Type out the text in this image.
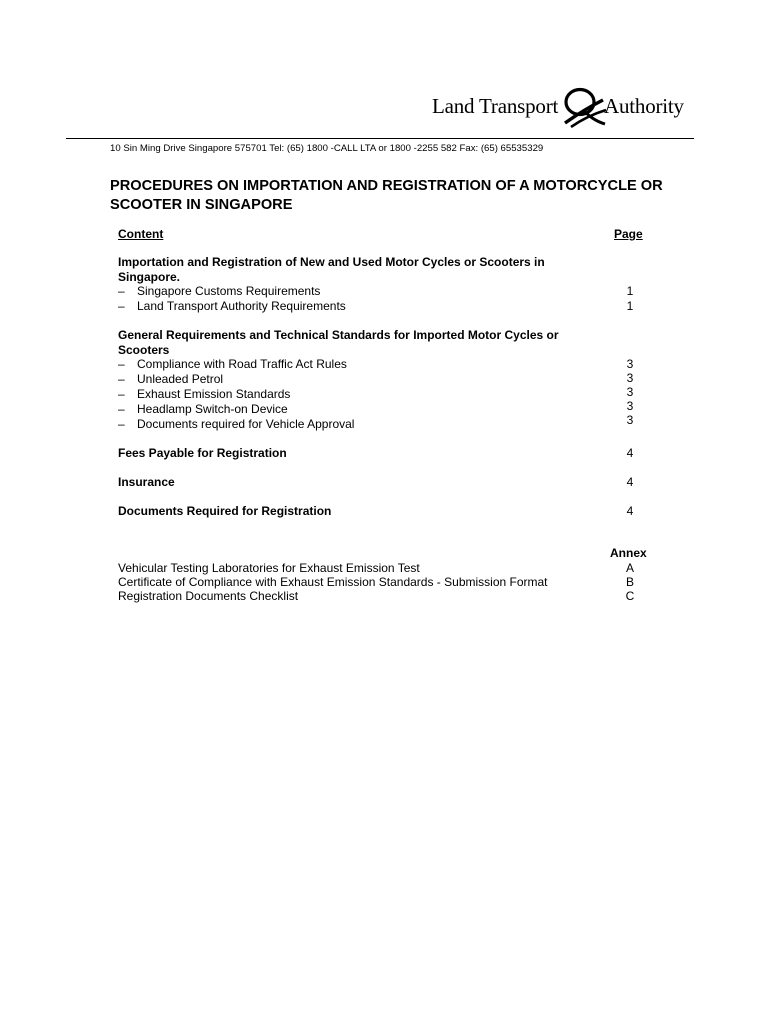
Land Transport Authority
10 Sin Ming Drive Singapore 575701 Tel: (65) 1800 -CALL LTA or 1800 -2255 582 Fax: (65) 65535329
PROCEDURES ON IMPORTATION AND REGISTRATION OF A MOTORCYCLE OR SCOOTER IN SINGAPORE
Content	Page
Importation and Registration of New and Used Motor Cycles or Scooters in Singapore.
– Singapore Customs Requirements	1
– Land Transport Authority Requirements	1
General Requirements and Technical Standards for Imported Motor Cycles or Scooters
– Compliance with Road Traffic Act Rules	3
– Unleaded Petrol	3
– Exhaust Emission Standards	3
– Headlamp Switch-on Device	3
– Documents required for Vehicle Approval	3
Fees Payable for Registration	4
Insurance	4
Documents Required for Registration	4
Annex
Vehicular Testing Laboratories for Exhaust Emission Test	A
Certificate of Compliance with Exhaust Emission Standards - Submission Format	B
Registration Documents Checklist	C
